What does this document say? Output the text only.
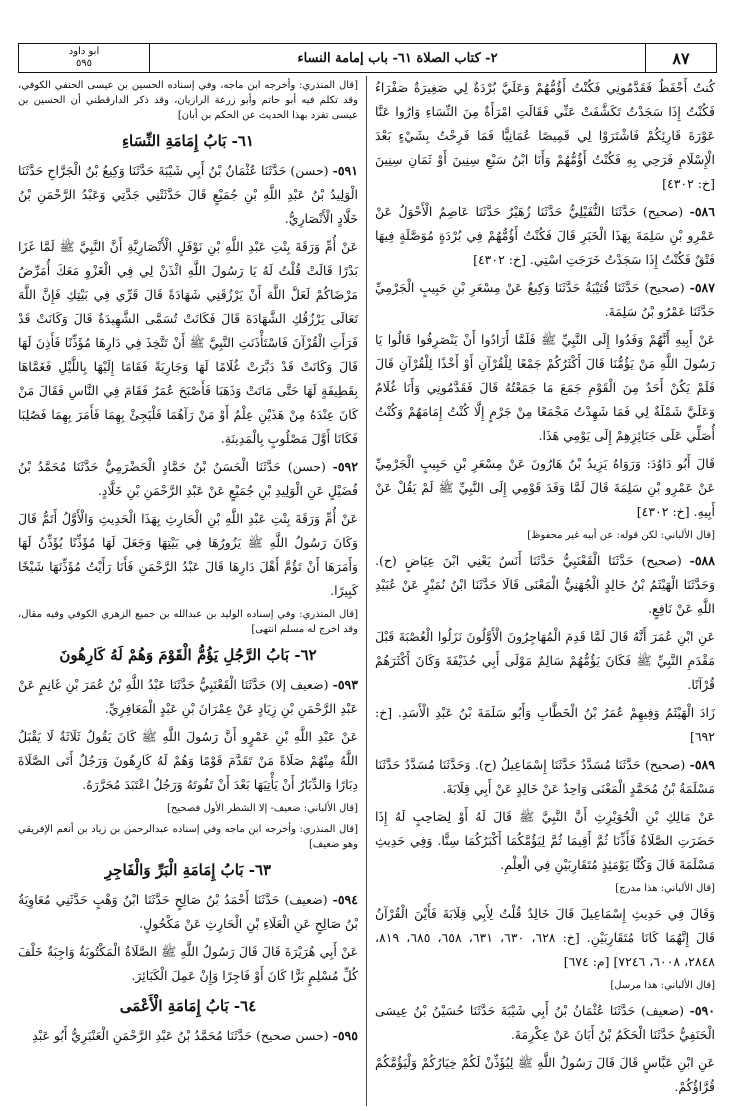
٨٧
٢- كتاب الصلاة ٦١- باب إمامة النساء
ابو داود
٥٩٥

كُنتُ أَحْفَظُ فَقَدَّمُونِي فَكُنْتُ أَؤُمُّهُمْ وَعَلَيَّ بُرْدَةٌ لِي صَغِيرَةٌ صَفْرَاءُ فَكُنْتُ إِذَا سَجَدْتُ تَكَشَّفَتْ عَنِّي فَقَالَتِ امْرَأَةٌ مِنَ النِّسَاءِ وَارُوا عَنَّا عَوْرَةَ قَارِئِكُمْ فَاشْتَرَوْا لِي قَمِيصًا عُمَانِيًّا فَمَا فَرِحْتُ بِشَيْءٍ بَعْدَ الْإِسْلَامِ فَرَحِي بِهِ فَكُنْتُ أَؤُمُّهُمْ وَأَنَا ابْنُ سَبْعِ سِنِينَ أَوْ ثَمَانِ سِنِينَ [خ: ٤٣٠٢]

٥٨٦- (صحيح) حَدَّثَنَا النُّفَيْلِيُّ حَدَّثَنَا زُهَيْرٌ حَدَّثَنَا عَاصِمٌ الْأَحْوَلُ عَنْ عَمْرِو بْنِ سَلِمَةَ بِهَذَا الْخَبَرِ قَالَ فَكُنْتُ أَؤُمُّهُمْ فِي بُرْدَةٍ مُوَصَّلَةٍ فِيهَا فَتْقٌ فَكُنْتُ إِذَا سَجَدْتُ خَرَجَتِ اسْتِي. [خ: ٤٣٠٢]

٥٨٧- (صحيح) حَدَّثَنَا قُتَيْبَةُ حَدَّثَنَا وَكِيعٌ عَنْ مِسْعَرِ بْنِ حَبِيبٍ الْجَرْمِيِّ حَدَّثَنَا عَمْرُو بْنُ سَلِمَةَ.

عَنْ أَبِيهِ أَنَّهُمْ وَفَدُوا إِلَى النَّبِيِّ ﷺ فَلَمَّا أَرَادُوا أَنْ يَنْصَرِفُوا قَالُوا يَا رَسُولَ اللَّهِ مَنْ يَؤُمُّنَا قَالَ أَكْثَرُكُمْ جَمْعًا لِلْقُرْآنِ أَوْ أَخْذًا لِلْقُرْآنِ قَالَ فَلَمْ يَكُنْ أَحَدٌ مِنَ الْقَوْمِ جَمَعَ مَا جَمَعْتُهُ قَالَ فَقَدَّمُونِي وَأَنَا غُلَامٌ وَعَلَيَّ شَمْلَةٌ لِي فَمَا شَهِدْتُ مَجْمَعًا مِنْ جَرْمٍ إِلَّا كُنْتُ إِمَامَهُمْ وَكُنْتُ أُصَلِّي عَلَى جَنَائِزِهِمْ إِلَى يَوْمِي هَذَا.

قَالَ أَبُو دَاوُدَ: وَرَوَاهُ يَزِيدُ بْنُ هَارُونَ عَنْ مِسْعَرِ بْنِ حَبِيبٍ الْجَرْمِيِّ عَنْ عَمْرِو بْنِ سَلِمَةَ قَالَ لَمَّا وَفَدَ قَوْمِي إِلَى النَّبِيِّ ﷺ لَمْ يَقُلْ عَنْ أَبِيهِ. [خ: ٤٣٠٢]

[قال الألباني: لكن قوله: عن أبيه غير محفوظ]

٥٨٨- (صحيح) حَدَّثَنَا الْقَعْنَبِيُّ حَدَّثَنَا أَنَسٌ يَعْنِي ابْنَ عِيَاضٍ (ح). وَحَدَّثَنَا الْهَيْثَمُ بْنُ خَالِدٍ الْجُهَنِيُّ الْمَعْنَى قَالَا حَدَّثَنَا ابْنُ نُمَيْرٍ عَنْ عُبَيْدِ اللَّهِ عَنْ نَافِعٍ.

عَنِ ابْنِ عُمَرَ أَنَّهُ قَالَ لَمَّا قَدِمَ الْمُهَاجِرُونَ الْأَوَّلُونَ نَزَلُوا الْعُصْبَةَ قَبْلَ مَقْدَمِ النَّبِيِّ ﷺ فَكَانَ يَؤُمُّهُمْ سَالِمٌ مَوْلَى أَبِي حُذَيْفَةَ وَكَانَ أَكْثَرَهُمْ قُرْآنًا.

زَادَ الْهَيْثَمُ وَفِيهِمْ عُمَرُ بْنُ الْخَطَّابِ وَأَبُو سَلَمَةَ بْنُ عَبْدِ الْأَسَدِ. [خ: ٦٩٢]

٥٨٩- (صحيح) حَدَّثَنَا مُسَدَّدٌ حَدَّثَنَا إِسْمَاعِيلُ (ح). وَحَدَّثَنَا مُسَدَّدٌ حَدَّثَنَا مَسْلَمَةُ بْنُ مُحَمَّدٍ الْمَعْنَى وَاحِدٌ عَنْ خَالِدٍ عَنْ أَبِي قِلَابَةَ.

عَنْ مَالِكِ بْنِ الْحُوَيْرِثِ أَنَّ النَّبِيَّ ﷺ قَالَ لَهُ أَوْ لِصَاحِبٍ لَهُ إِذَا حَضَرَتِ الصَّلَاةُ فَأَذِّنَا ثُمَّ أَقِيمَا ثُمَّ لِيَؤُمَّكُمَا أَكْبَرُكُمَا سِنًّا. وَفِي حَدِيثِ مَسْلَمَةَ قَالَ وَكُنَّا يَوْمَئِذٍ مُتَقَارِبَيْنِ فِي الْعِلْمِ.

[قال الألباني: هذا مدرج]

وَقَالَ فِي حَدِيثِ إِسْمَاعِيلَ قَالَ خَالِدٌ قُلْتُ لِأَبِي قِلَابَةَ فَأَيْنَ الْقُرْآنُ قَالَ إِنَّهُمَا كَانَا مُتَقَارِبَيْنِ. [خ: ٦٢٨، ٦٣٠، ٦٣١، ٦٥٨، ٦٨٥، ٨١٩، ٢٨٤٨، ٦٠٠٨، ٧٢٤٦] [م: ٦٧٤]

[قال الألباني: هذا مرسل]

٥٩٠- (ضعيف) حَدَّثَنَا عُثْمَانُ بْنُ أَبِي شَيْبَةَ حَدَّثَنَا حُسَيْنُ بْنُ عِيسَى الْحَنَفِيُّ حَدَّثَنَا الْحَكَمُ بْنُ أَبَانَ عَنْ عِكْرِمَةَ.

عَنِ ابْنِ عَبَّاسٍ قَالَ قَالَ رَسُولُ اللَّهِ ﷺ لِيُؤَذِّنْ لَكُمْ خِيَارُكُمْ وَلْيَؤُمَّكُمْ قُرَّاؤُكُمْ.

[قال المنذري: وأخرجه ابن ماجه، وفي إسناده الحسين بن عيسى الحنفي الكوفي، وقد تكلم فيه أبو حاتم وأبو زرعة الرازيان، وقد ذكر الدارقطني أن الحسين بن عيسى تفرد بهذا الحديث عن الحكم بن أبان]
٦١- بَابُ إِمَامَةِ النِّسَاءِ

٥٩١- (حسن) حَدَّثَنَا عُثْمَانُ بْنُ أَبِي شَيْبَةَ حَدَّثَنَا وَكِيعُ بْنُ الْجَرَّاحِ حَدَّثَنَا الْوَلِيدُ بْنُ عَبْدِ اللَّهِ بْنِ جُمَيْعٍ قَالَ حَدَّثَتْنِي جَدَّتِي وَعَبْدُ الرَّحْمَنِ بْنُ خَلَّادٍ الْأَنْصَارِيُّ.

عَنْ أُمِّ وَرَقَةَ بِنْتِ عَبْدِ اللَّهِ بْنِ نَوْفَلٍ الْأَنْصَارِيَّةِ أَنَّ النَّبِيَّ ﷺ لَمَّا غَزَا بَدْرًا قَالَتْ قُلْتُ لَهُ يَا رَسُولَ اللَّهِ ائْذَنْ لِي فِي الْغَزْوِ مَعَكَ أُمَرِّضُ مَرْضَاكُمْ لَعَلَّ اللَّهَ أَنْ يَرْزُقَنِي شَهَادَةً قَالَ قَرِّي فِي بَيْتِكِ فَإِنَّ اللَّهَ تَعَالَى يَرْزُقُكِ الشَّهَادَةَ قَالَ فَكَانَتْ تُسَمَّى الشَّهِيدَةُ قَالَ وَكَانَتْ قَدْ قَرَأَتِ الْقُرْآنَ فَاسْتَأْذَنَتِ النَّبِيَّ ﷺ أَنْ تَتَّخِذَ فِي دَارِهَا مُؤَذِّنًا فَأَذِنَ لَهَا قَالَ وَكَانَتْ قَدْ دَبَّرَتْ غُلَامًا لَهَا وَجَارِيَةً فَقَامَا إِلَيْهَا بِاللَّيْلِ فَغَمَّاهَا بِقَطِيفَةٍ لَهَا حَتَّى مَاتَتْ وَذَهَبَا فَأَصْبَحَ عُمَرُ فَقَامَ فِي النَّاسِ فَقَالَ مَنْ كَانَ عِنْدَهُ مِنْ هَذَيْنِ عِلْمٌ أَوْ مَنْ رَآهُمَا فَلْيَجِئْ بِهِمَا فَأَمَرَ بِهِمَا فَصُلِبَا فَكَانَا أَوَّلَ مَصْلُوبٍ بِالْمَدِينَةِ.

٥٩٢- (حسن) حَدَّثَنَا الْحَسَنُ بْنُ حَمَّادٍ الْحَضْرَمِيُّ حَدَّثَنَا مُحَمَّدُ بْنُ فُضَيْلٍ عَنِ الْوَلِيدِ بْنِ جُمَيْعٍ عَنْ عَبْدِ الرَّحْمَنِ بْنِ خَلَّادٍ.

عَنْ أُمِّ وَرَقَةَ بِنْتِ عَبْدِ اللَّهِ بْنِ الْحَارِثِ بِهَذَا الْحَدِيثِ وَالْأَوَّلُ أَتَمُّ قَالَ وَكَانَ رَسُولُ اللَّهِ ﷺ يَزُورُهَا فِي بَيْتِهَا وَجَعَلَ لَهَا مُؤَذِّنًا يُؤَذِّنُ لَهَا وَأَمَرَهَا أَنْ تَؤُمَّ أَهْلَ دَارِهَا قَالَ عَبْدُ الرَّحْمَنِ فَأَنَا رَأَيْتُ مُؤَذِّنَهَا شَيْخًا كَبِيرًا.

[قال المنذري: وفي إسناده الوليد بن عبدالله بن جميع الزهري الكوفي وفيه مقال، وقد اخرج له مسلم انتهى]
٦٢- بَابُ الرَّجُلِ يَؤُمُّ الْقَوْمَ وَهُمْ لَهُ كَارِهُونَ

٥٩٣- (ضعيف إلا) حَدَّثَنَا الْقَعْنَبِيُّ حَدَّثَنَا عَبْدُ اللَّهِ بْنُ عُمَرَ بْنِ غَانِمٍ عَنْ عَبْدِ الرَّحْمَنِ بْنِ زِيَادٍ عَنْ عِمْرَانَ بْنِ عَبْدٍ الْمَعَافِرِيِّ.

عَنْ عَبْدِ اللَّهِ بْنِ عَمْرٍو أَنَّ رَسُولَ اللَّهِ ﷺ كَانَ يَقُولُ ثَلَاثَةٌ لَا يَقْبَلُ اللَّهُ مِنْهُمْ صَلَاةً مَنْ تَقَدَّمَ قَوْمًا وَهُمْ لَهُ كَارِهُونَ وَرَجُلٌ أَتَى الصَّلَاةَ دِبَارًا وَالدِّبَارُ أَنْ يَأْتِيَهَا بَعْدَ أَنْ تَفُوتَهُ وَرَجُلٌ اعْتَبَدَ مُحَرَّرَهُ.

[قال الألباني: ضعيف- إلا الشطر الأول فصحيح]
[قال المنذري: وأخرجه ابن ماجه وفي إسناده عبدالرحمن بن زياد بن أنعم الإفريقي وهو ضعيف]
٦٣- بَابُ إِمَامَةِ الْبَرِّ وَالْفَاجِرِ

٥٩٤- (ضعيف) حَدَّثَنَا أَحْمَدُ بْنُ صَالِحٍ حَدَّثَنَا ابْنُ وَهْبٍ حَدَّثَنِي مُعَاوِيَةُ بْنُ صَالِحٍ عَنِ الْعَلَاءِ بْنِ الْحَارِثِ عَنْ مَكْحُولٍ.

عَنْ أَبِي هُرَيْرَةَ قَالَ قَالَ رَسُولُ اللَّهِ ﷺ الصَّلَاةُ الْمَكْتُوبَةُ وَاجِبَةٌ خَلْفَ كُلِّ مُسْلِمٍ بَرًّا كَانَ أَوْ فَاجِرًا وَإِنْ عَمِلَ الْكَبَائِرَ.

٦٤- بَابُ إِمَامَةِ الْأَعْمَى

٥٩٥- (حسن صحيح) حَدَّثَنَا مُحَمَّدُ بْنُ عَبْدِ الرَّحْمَنِ الْعَنْبَرِيُّ أَبُو عَبْدِ
